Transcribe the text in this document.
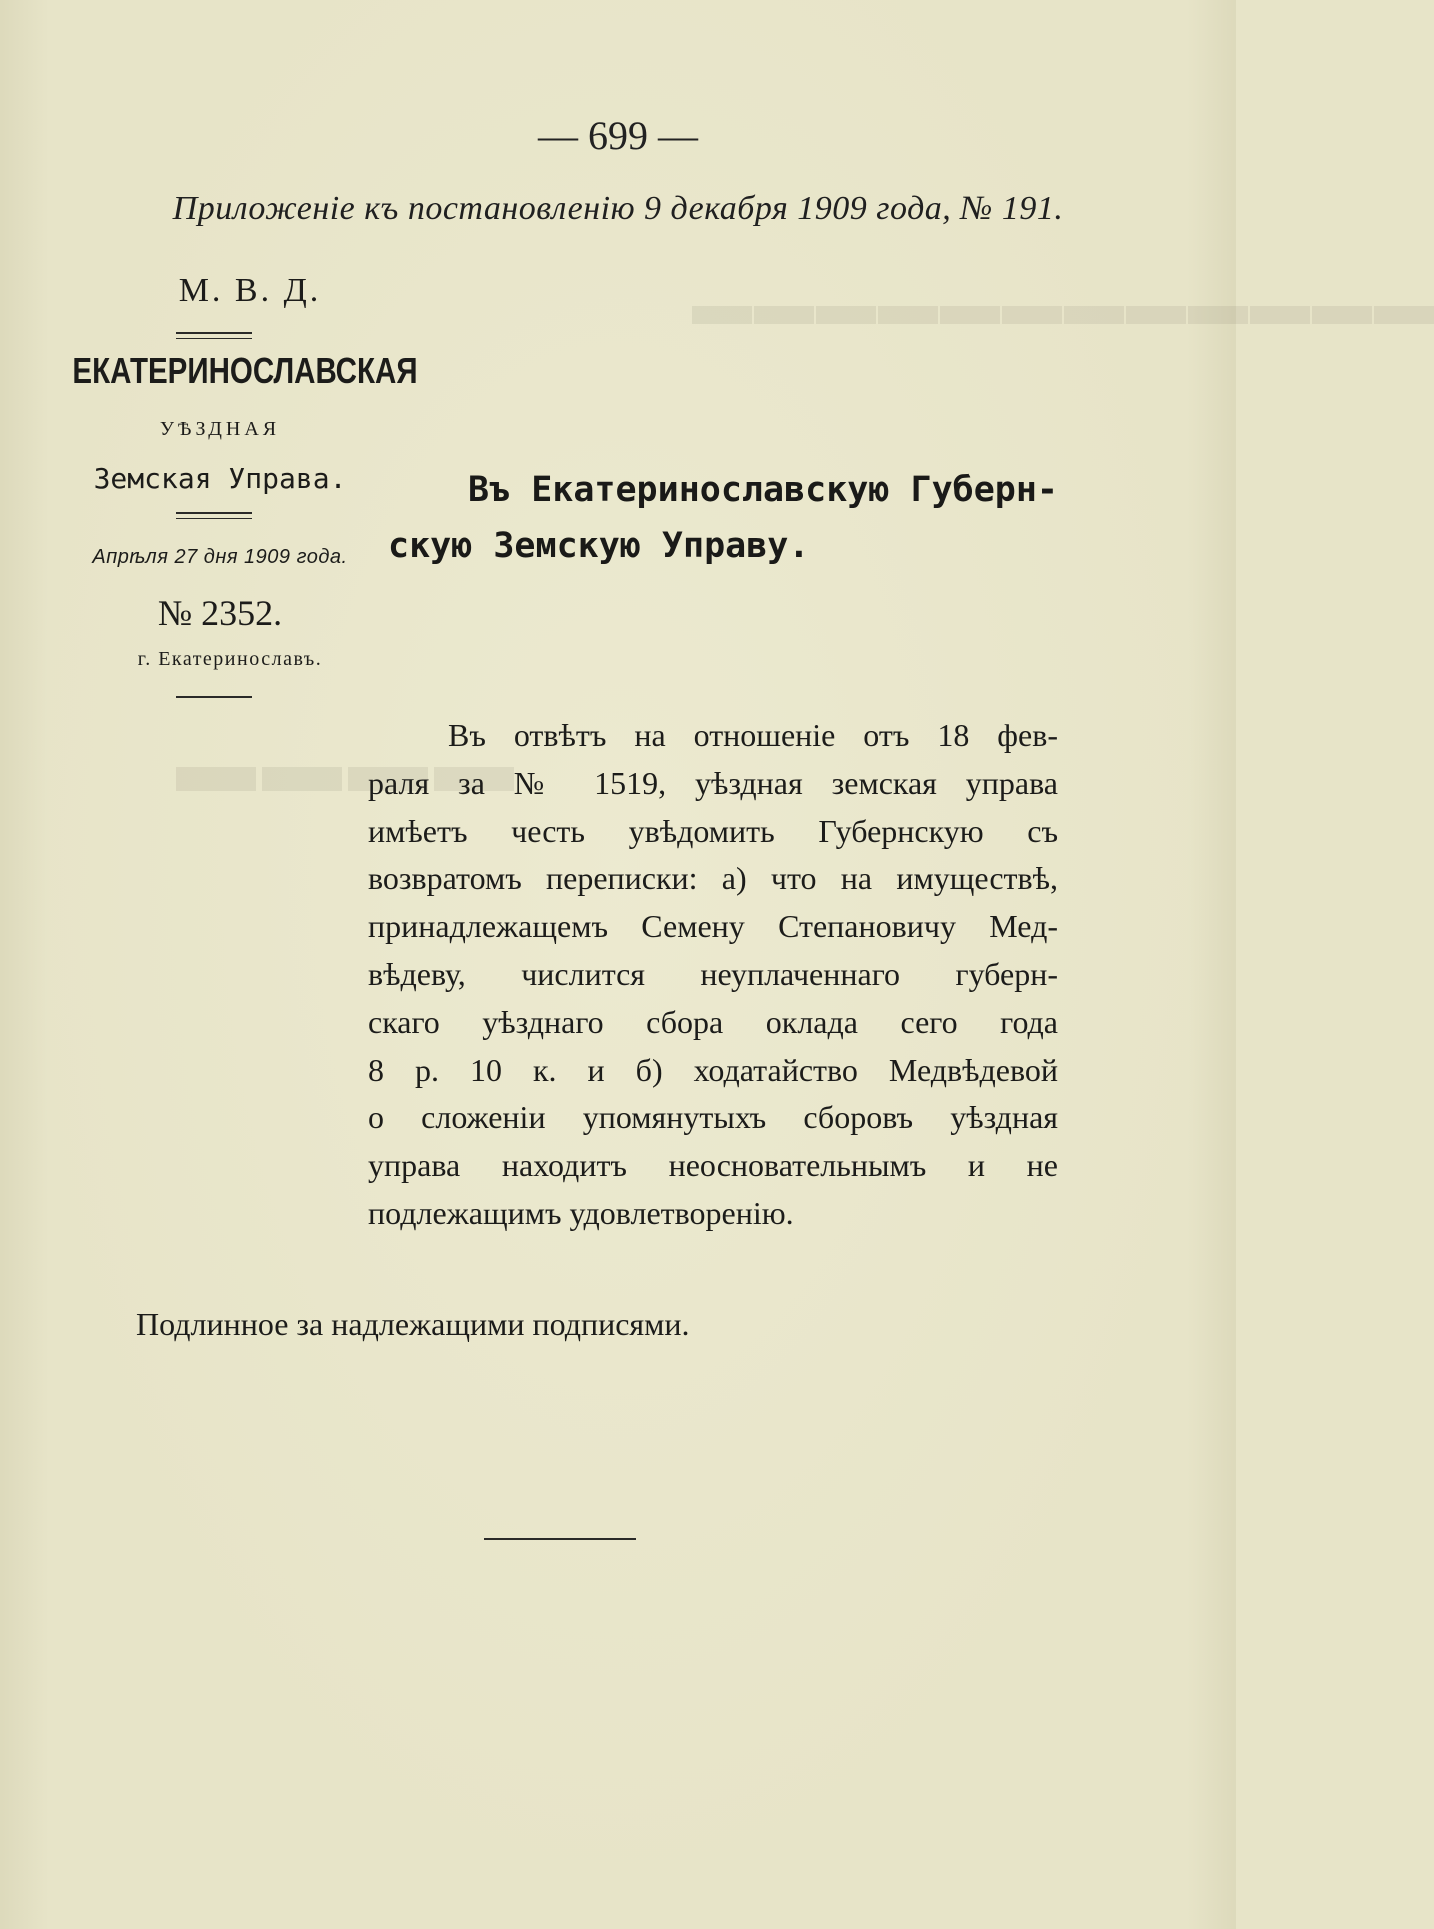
▬▬▬▬▬▬▬▬▬▬▬▬
▬▬▬▬
— 699 —
Приложеніе къ постановленію 9 декабря 1909 года, № 191.
М. В. Д.
ЕКАТЕРИНОСЛАВСКАЯ
УѢЗДНАЯ
Земская Управа.
Апрѣля 27 дня 1909 года.
№ 2352.
г. Екатеринославъ.
Въ Екатеринославскую Губерн-
скую Земскую Управу.
Въ отвѣтъ на отношеніе отъ 18 фев-
раля за № 1519, уѣздная земская управа
имѣетъ честь увѣдомить Губернскую съ
возвратомъ переписки: а) что на имуществѣ,
принадлежащемъ Семену Степановичу Мед-
вѣдеву, числится неуплаченнаго губерн-
скаго уѣзднаго сбора оклада сего года
8 р. 10 к. и б) ходатайство Медвѣдевой
о сложеніи упомянутыхъ сборовъ уѣздная
управа находитъ неосновательнымъ и не
подлежащимъ удовлетворенію.
Подлинное за надлежащими подписями.
